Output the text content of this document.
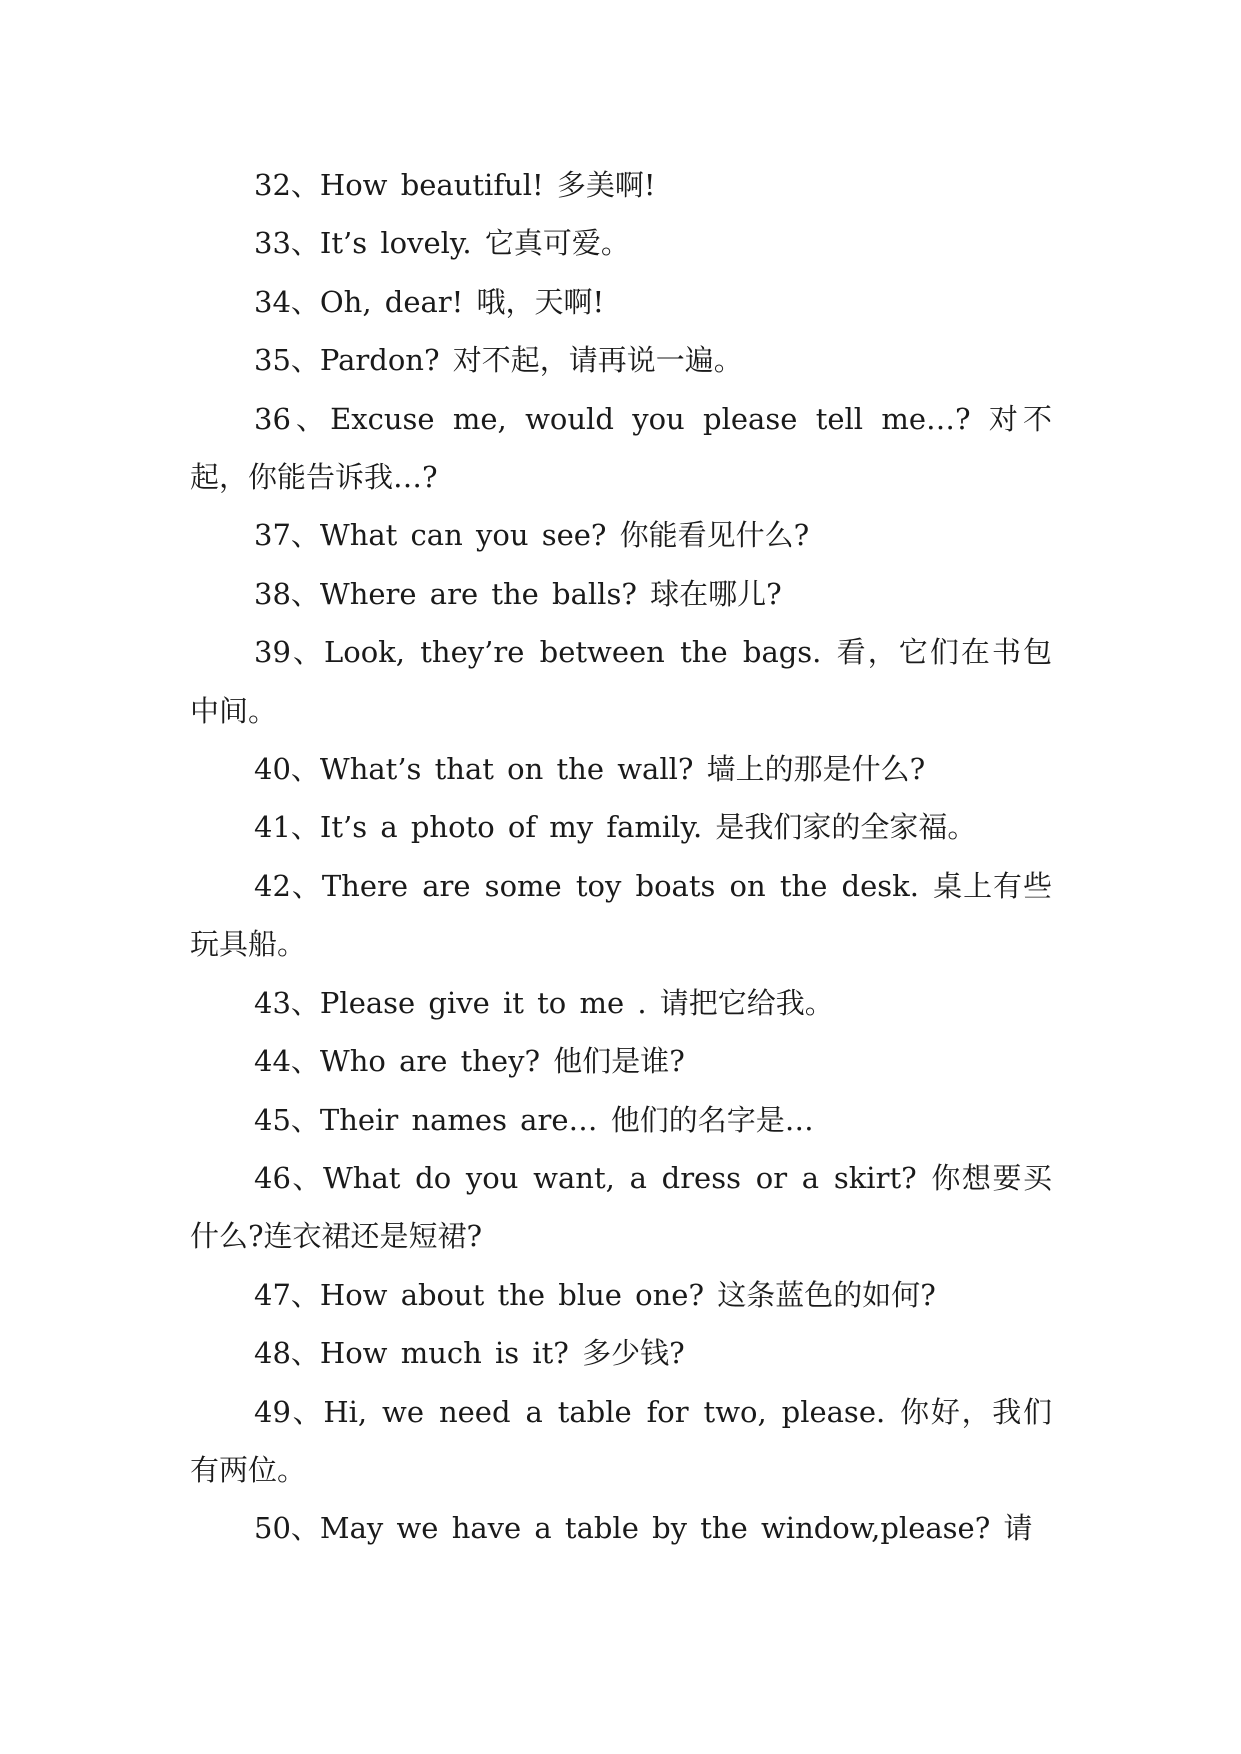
32、How beautiful! 多美啊!

33、It’s lovely. 它真可爱。

34、Oh, dear! 哦，天啊!

35、Pardon? 对不起，请再说一遍。

36、Excuse me, would you please tell me…? 对不起，你能告诉我…?

37、What can you see? 你能看见什么?

38、Where are the balls? 球在哪儿?

39、Look, they’re between the bags. 看，它们在书包中间。

40、What’s that on the wall? 墙上的那是什么?

41、It’s a photo of my family. 是我们家的全家福。

42、There are some toy boats on the desk. 桌上有些玩具船。

43、Please give it to me . 请把它给我。

44、Who are they? 他们是谁?

45、Their names are… 他们的名字是…

46、What do you want, a dress or a skirt? 你想要买什么?连衣裙还是短裙?

47、How about the blue one? 这条蓝色的如何?

48、How much is it? 多少钱?

49、Hi, we need a table for two, please. 你好，我们有两位。

50、May we have a table by the window,please? 请
